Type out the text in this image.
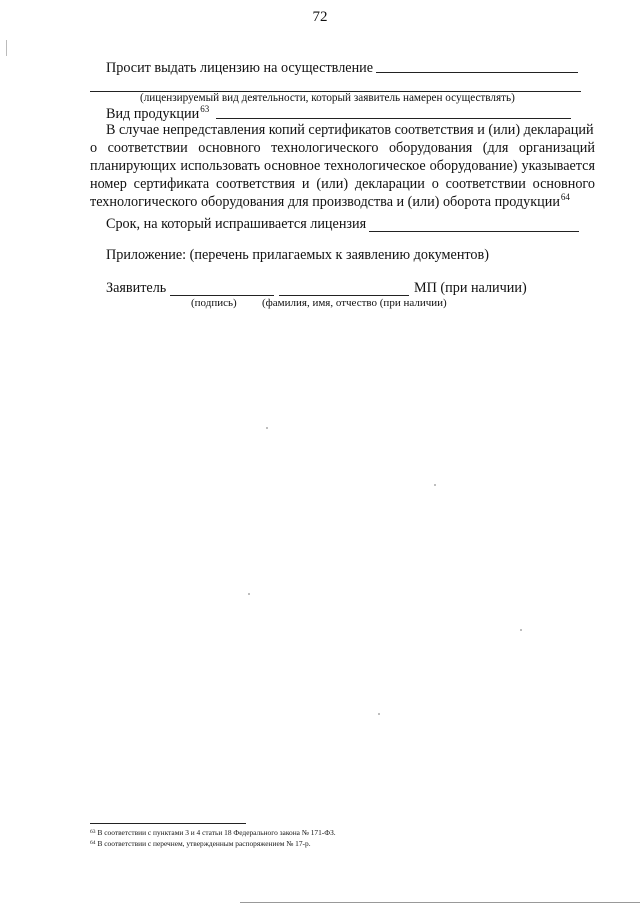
72
Просит выдать лицензию на осуществление
(лицензируемый вид деятельности, который заявитель намерен осуществлять)
Вид продукции$^{63}$
В случае непредставления копий сертификатов соответствия и (или) деклараций
о соответствии основного технологического оборудования (для организаций
планирующих использовать основное технологическое оборудование) указывается
номер сертификата соответствия и (или) декларации о соответствии основного
технологического оборудования для производства и (или) оборота продукции$^{64}$
Срок, на который испрашивается лицензия
Приложение: (перечень прилагаемых к заявлению документов)
Заявитель	МП (при наличии)
(подпись) (фамилия, имя, отчество (при наличии)
$^{63}$ В соответствии с пунктами 3 и 4 статьи 18 Федерального закона № 171-ФЗ.
$^{64}$ В соответствии с перечнем, утвержденным распоряжением № 17-р.
